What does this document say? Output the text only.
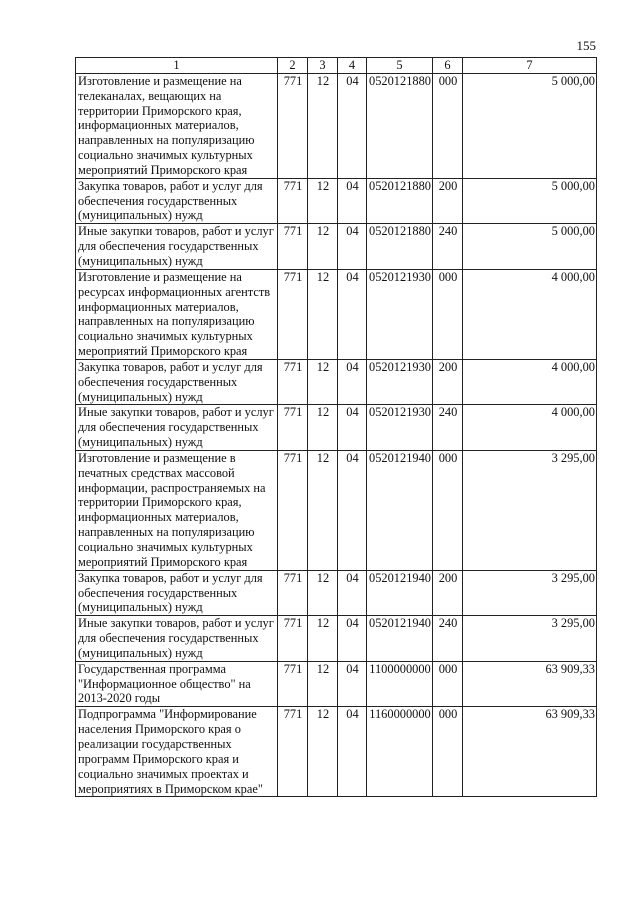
155
1	2	3	4	5	6	7
Изготовление и размещение на телеканалах, вещающих на территории Приморского края, информационных материалов, направленных на популяризацию социально значимых культурных мероприятий Приморского края	771	12	04	0520121880	000	5 000,00
Закупка товаров, работ и услуг для обеспечения государственных (муниципальных) нужд	771	12	04	0520121880	200	5 000,00
Иные закупки товаров, работ и услуг для обеспечения государственных (муниципальных) нужд	771	12	04	0520121880	240	5 000,00
Изготовление и размещение на ресурсах информационных агентств информационных материалов, направленных на популяризацию социально значимых культурных мероприятий Приморского края	771	12	04	0520121930	000	4 000,00
Закупка товаров, работ и услуг для обеспечения государственных (муниципальных) нужд	771	12	04	0520121930	200	4 000,00
Иные закупки товаров, работ и услуг для обеспечения государственных (муниципальных) нужд	771	12	04	0520121930	240	4 000,00
Изготовление и размещение в печатных средствах массовой информации, распространяемых на территории Приморского края, информационных материалов, направленных на популяризацию социально значимых культурных мероприятий Приморского края	771	12	04	0520121940	000	3 295,00
Закупка товаров, работ и услуг для обеспечения государственных (муниципальных) нужд	771	12	04	0520121940	200	3 295,00
Иные закупки товаров, работ и услуг для обеспечения государственных (муниципальных) нужд	771	12	04	0520121940	240	3 295,00
Государственная программа "Информационное общество" на 2013-2020 годы	771	12	04	1100000000	000	63 909,33
Подпрограмма "Информирование населения Приморского края о реализации государственных программ Приморского края и социально значимых проектах и мероприятиях в Приморском крае"	771	12	04	1160000000	000	63 909,33
